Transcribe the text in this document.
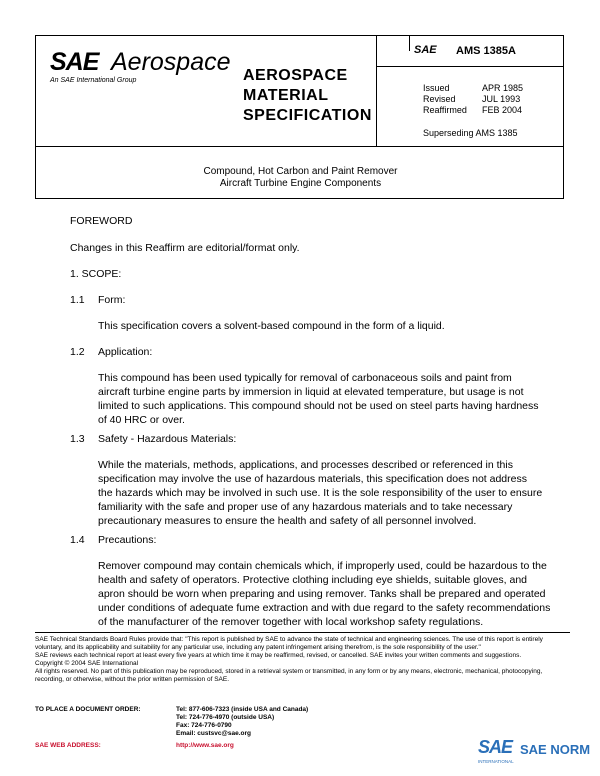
SAE Aerospace
An SAE International Group	AEROSPACE
MATERIAL
SPECIFICATION
SAE AMS 1385A
Issued	APR 1985
Revised	JUL 1993
Reaffirmed FEB 2004
Superseding AMS 1385
Compound, Hot Carbon and Paint Remover
Aircraft Turbine Engine Components
FOREWORD
Changes in this Reaffirm are editorial/format only.
1. SCOPE:
1.1 Form:
This specification covers a solvent-based compound in the form of a liquid.
1.2 Application:
This compound has been used typically for removal of carbonaceous soils and paint from
aircraft turbine engine parts by immersion in liquid at elevated temperature, but usage is not
limited to such applications. This compound should not be used on steel parts having hardness
of 40 HRC or over.
1.3 Safety - Hazardous Materials:
While the materials, methods, applications, and processes described or referenced in this
specification may involve the use of hazardous materials, this specification does not address
the hazards which may be involved in such use. It is the sole responsibility of the user to ensure
familiarity with the safe and proper use of any hazardous materials and to take necessary
precautionary measures to ensure the health and safety of all personnel involved.
1.4 Precautions:
Remover compound may contain chemicals which, if improperly used, could be hazardous to the
health and safety of operators. Protective clothing including eye shields, suitable gloves, and
apron should be worn when preparing and using remover. Tanks shall be prepared and operated
under conditions of adequate fume extraction and with due regard to the safety recommendations
of the manufacturer of the remover together with local workshop safety regulations.
SAE Technical Standards Board Rules provide that: "This report is published by SAE to advance the state of technical and engineering sciences. The use of this report is entirely
voluntary, and its applicability and suitability for any particular use, including any patent infringement arising therefrom, is the sole responsibility of the user."
SAE reviews each technical report at least every five years at which time it may be reaffirmed, revised, or cancelled. SAE invites your written comments and suggestions.
Copyright © 2004 SAE International
All rights reserved. No part of this publication may be reproduced, stored in a retrieval system or transmitted, in any form or by any means, electronic, mechanical, photocopying,
recording, or otherwise, without the prior written permission of SAE.
TO PLACE A DOCUMENT ORDER:	Tel: 877-606-7323 (inside USA and Canada)
Tel: 724-776-4970 (outside USA)
Fax: 724-776-0790
Email: custsvc@sae.org
SAE WEB ADDRESS:	http://www.sae.org	SAE SAE NORM
INTERNATIONAL
